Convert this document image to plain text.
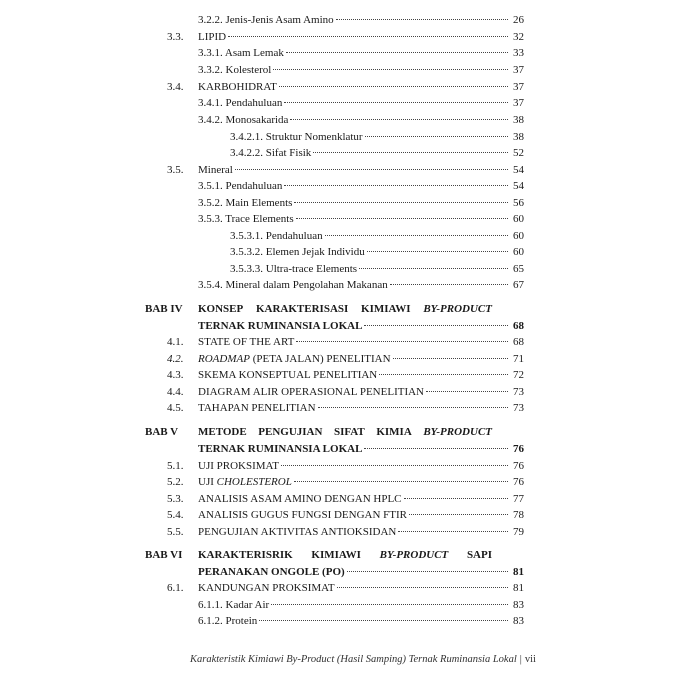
3.2.2. Jenis-Jenis Asam Amino	26
3.3. LIPID	32
3.3.1. Asam Lemak	33
3.3.2. Kolesterol	37
3.4. KARBOHIDRAT	37
3.4.1. Pendahuluan	37
3.4.2. Monosakarida	38
3.4.2.1. Struktur Nomenklatur	38
3.4.2.2. Sifat Fisik	52
3.5. Mineral	54
3.5.1. Pendahuluan	54
3.5.2. Main Elements	56
3.5.3. Trace Elements	60
3.5.3.1. Pendahuluan	60
3.5.3.2. Elemen Jejak Individu	60
3.5.3.3. Ultra-trace Elements	65
3.5.4. Mineral dalam Pengolahan Makanan	67
BAB IV KONSEP KARAKTERISASI KIMIAWI BY-PRODUCT
TERNAK RUMINANSIA LOKAL	68
4.1. STATE OF THE ART	68
4.2. ROADMAP (PETA JALAN) PENELITIAN	71
4.3. SKEMA KONSEPTUAL PENELITIAN	72
4.4. DIAGRAM ALIR OPERASIONAL PENELITIAN	73
4.5. TAHAPAN PENELITIAN	73
BAB V METODE PENGUJIAN SIFAT KIMIA BY-PRODUCT
TERNAK RUMINANSIA LOKAL	76
5.1. UJI PROKSIMAT	76
5.2. UJI CHOLESTEROL	76
5.3. ANALISIS ASAM AMINO DENGAN HPLC	77
5.4. ANALISIS GUGUS FUNGSI DENGAN FTIR	78
5.5. PENGUJIAN AKTIVITAS ANTIOKSIDAN	79
BAB VI KARAKTERISRIK KIMIAWI BY-PRODUCT SAPI
PERANAKAN ONGOLE (PO)	81
6.1. KANDUNGAN PROKSIMAT	81
6.1.1. Kadar Air	83
6.1.2. Protein	83
Karakteristik Kimiawi By-Product (Hasil Samping) Ternak Ruminansia Lokal | vii
